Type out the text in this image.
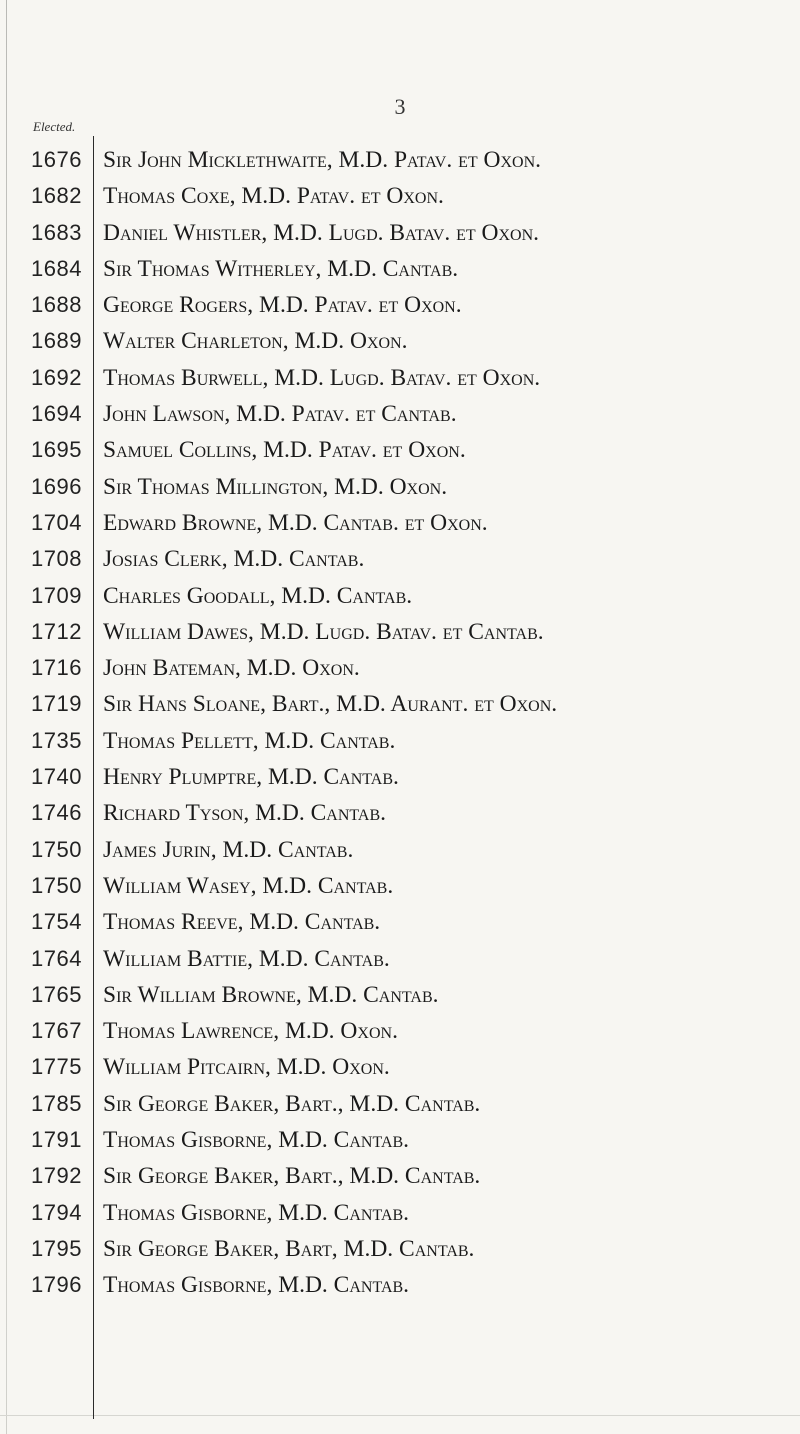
3
Elected.
1676 Sir John Micklethwaite, M.D. Patav. et Oxon.
1682 Thomas Coxe, M.D. Patav. et Oxon.
1683 Daniel Whistler, M.D. Lugd. Batav. et Oxon.
1684 Sir Thomas Witherley, M.D. Cantab.
1688 George Rogers, M.D. Patav. et Oxon.
1689 Walter Charleton, M.D. Oxon.
1692 Thomas Burwell, M.D. Lugd. Batav. et Oxon.
1694 John Lawson, M.D. Patav. et Cantab.
1695 Samuel Collins, M.D. Patav. et Oxon.
1696 Sir Thomas Millington, M.D. Oxon.
1704 Edward Browne, M.D. Cantab. et Oxon.
1708 Josias Clerk, M.D. Cantab.
1709 Charles Goodall, M.D. Cantab.
1712 William Dawes, M.D. Lugd. Batav. et Cantab.
1716 John Bateman, M.D. Oxon.
1719 Sir Hans Sloane, Bart., M.D. Aurant. et Oxon.
1735 Thomas Pellett, M.D. Cantab.
1740 Henry Plumptre, M.D. Cantab.
1746 Richard Tyson, M.D. Cantab.
1750 James Jurin, M.D. Cantab.
1750 William Wasey, M.D. Cantab.
1754 Thomas Reeve, M.D. Cantab.
1764 William Battie, M.D. Cantab.
1765 Sir William Browne, M.D. Cantab.
1767 Thomas Lawrence, M.D. Oxon.
1775 William Pitcairn, M.D. Oxon.
1785 Sir George Baker, Bart., M.D. Cantab.
1791 Thomas Gisborne, M.D. Cantab.
1792 Sir George Baker, Bart., M.D. Cantab.
1794 Thomas Gisborne, M.D. Cantab.
1795 Sir George Baker, Bart, M.D. Cantab.
1796 Thomas Gisborne, M.D. Cantab.
